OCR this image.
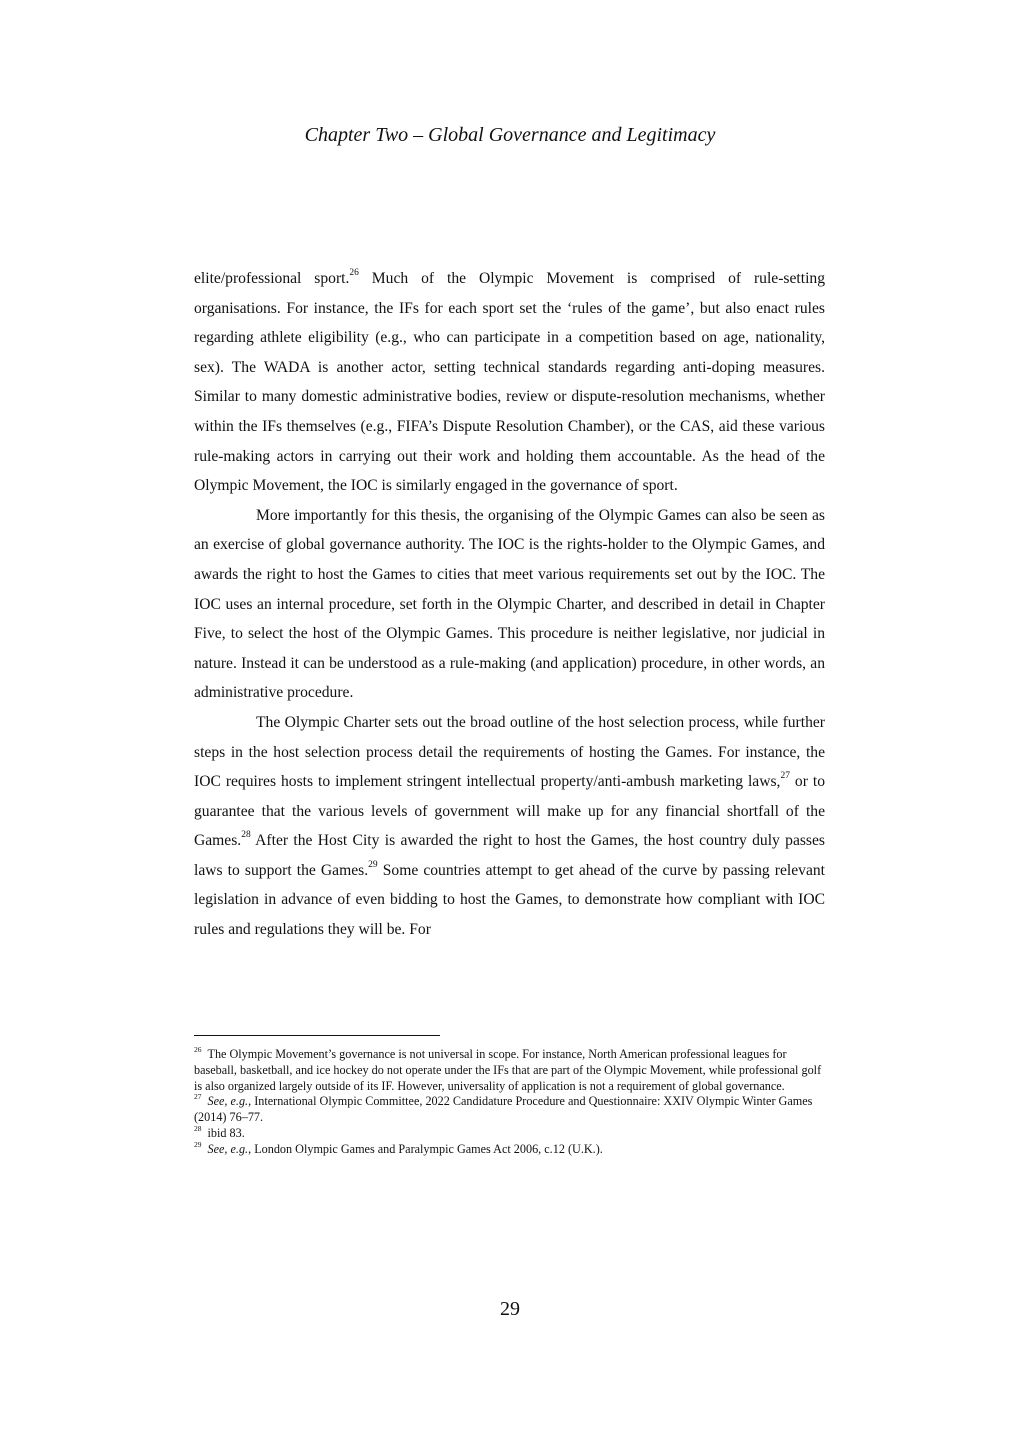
Chapter Two – Global Governance and Legitimacy

elite/professional sport.$^{26}$ Much of the Olympic Movement is comprised of rule-setting organisations. For instance, the IFs for each sport set the ‘rules of the game’, but also enact rules regarding athlete eligibility (e.g., who can participate in a competition based on age, nationality, sex). The WADA is another actor, setting technical standards regarding anti-doping measures. Similar to many domestic administrative bodies, review or dispute-resolution mechanisms, whether within the IFs themselves (e.g., FIFA’s Dispute Resolution Chamber), or the CAS, aid these various rule-making actors in carrying out their work and holding them accountable. As the head of the Olympic Movement, the IOC is similarly engaged in the governance of sport.

More importantly for this thesis, the organising of the Olympic Games can also be seen as an exercise of global governance authority. The IOC is the rights-holder to the Olympic Games, and awards the right to host the Games to cities that meet various requirements set out by the IOC. The IOC uses an internal procedure, set forth in the Olympic Charter, and described in detail in Chapter Five, to select the host of the Olympic Games. This procedure is neither legislative, nor judicial in nature. Instead it can be understood as a rule-making (and application) procedure, in other words, an administrative procedure.

The Olympic Charter sets out the broad outline of the host selection process, while further steps in the host selection process detail the requirements of hosting the Games. For instance, the IOC requires hosts to implement stringent intellectual property/anti-ambush marketing laws,$^{27}$ or to guarantee that the various levels of government will make up for any financial shortfall of the Games.$^{28}$ After the Host City is awarded the right to host the Games, the host country duly passes laws to support the Games.$^{29}$ Some countries attempt to get ahead of the curve by passing relevant legislation in advance of even bidding to host the Games, to demonstrate how compliant with IOC rules and regulations they will be. For

$^{26}$ The Olympic Movement’s governance is not universal in scope. For instance, North American professional leagues for baseball, basketball, and ice hockey do not operate under the IFs that are part of the Olympic Movement, while professional golf is also organized largely outside of its IF. However, universality of application is not a requirement of global governance.

$^{27}$ See, e.g., International Olympic Committee, 2022 Candidature Procedure and Questionnaire: XXIV Olympic Winter Games (2014) 76–77.

$^{28}$ ibid 83.

$^{29}$ See, e.g., London Olympic Games and Paralympic Games Act 2006, c.12 (U.K.).

29
